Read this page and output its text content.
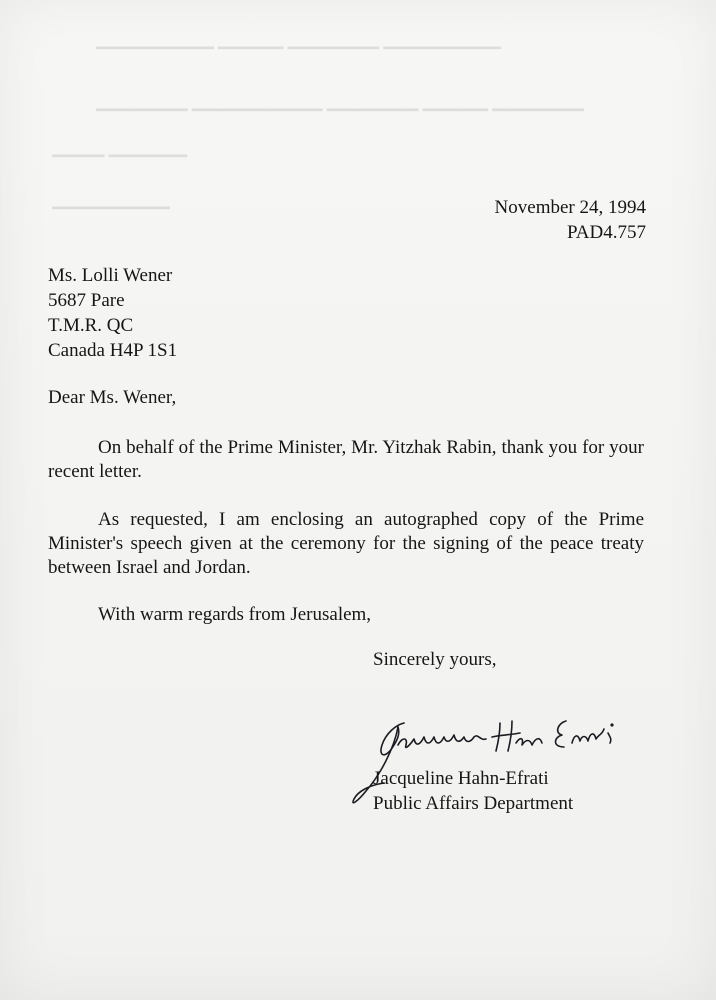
▁▁▁▁▁▁▁▁▁ ▁▁▁▁▁ ▁▁▁▁▁▁▁ ▁▁▁▁▁▁▁▁▁
▁▁▁▁▁▁▁ ▁▁▁▁▁▁▁▁▁▁ ▁▁▁▁▁▁▁ ▁▁▁▁▁ ▁▁▁▁▁▁▁
▁▁▁▁ ▁▁▁▁▁▁
▁▁▁▁▁▁▁▁▁	November 24, 1994
PAD4.757
Ms. Lolli Wener
5687 Pare
T.M.R. QC
Canada H4P 1S1
Dear Ms. Wener,
On behalf of the Prime Minister, Mr. Yitzhak Rabin, thank you for your recent letter.
As requested, I am enclosing an autographed copy of the Prime Minister's speech given at the ceremony for the signing of the peace treaty between Israel and Jordan.
With warm regards from Jerusalem,
Sincerely yours,
Jacqueline Hahn-Efrati
Public Affairs Department
